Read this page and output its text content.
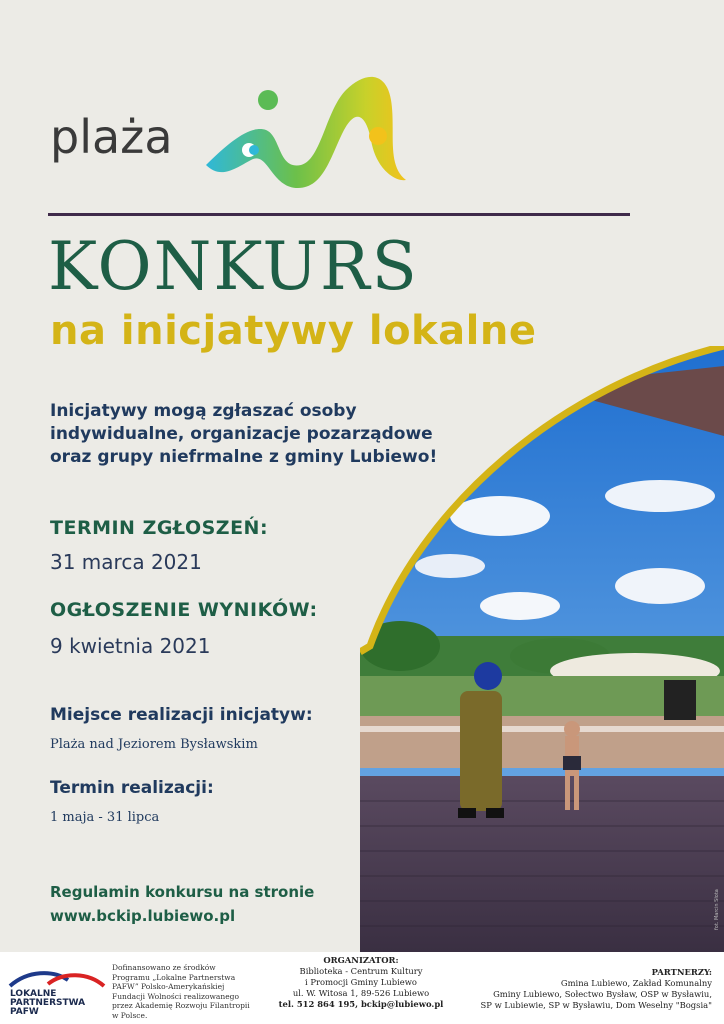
plaża
KONKURS
na inicjatywy lokalne
Inicjatywy mogą zgłaszać osoby
indywidualne, organizacje pozarządowe
oraz grupy niefrmalne z gminy Lubiewo!
TERMIN ZGŁOSZEŃ:
31 marca 2021
OGŁOSZENIE WYNIKÓW:
9 kwietnia 2021
Miejsce realizacji inicjatyw:
Plaża nad Jeziorem Bysławskim
Termin realizacji:
1 maja - 31 lipca
Regulamin konkursu na stronie
www.bckip.lubiewo.pl	fot. Marcin Słota
LOKALNE
PARTNERSTWA
PAFW
Dofinansowano ze środków
Programu „Lokalne Partnerstwa
PAFW” Polsko-Amerykańskiej
Fundacji Wolności realizowanego
przez Akademię Rozwoju Filantropii
w Polsce.
ORGANIZATOR:
Biblioteka - Centrum Kultury
i Promocji Gminy Lubiewo
ul. W. Witosa 1, 89-526 Lubiewo
tel. 512 864 195, bckip@lubiewo.pl
PARTNERZY:
Gmina Lubiewo, Zakład Komunalny
Gminy Lubiewo, Sołectwo Bysław, OSP w Bysławiu,
SP w Lubiewie, SP w Bysławiu, Dom Weselny "Bogsia"
